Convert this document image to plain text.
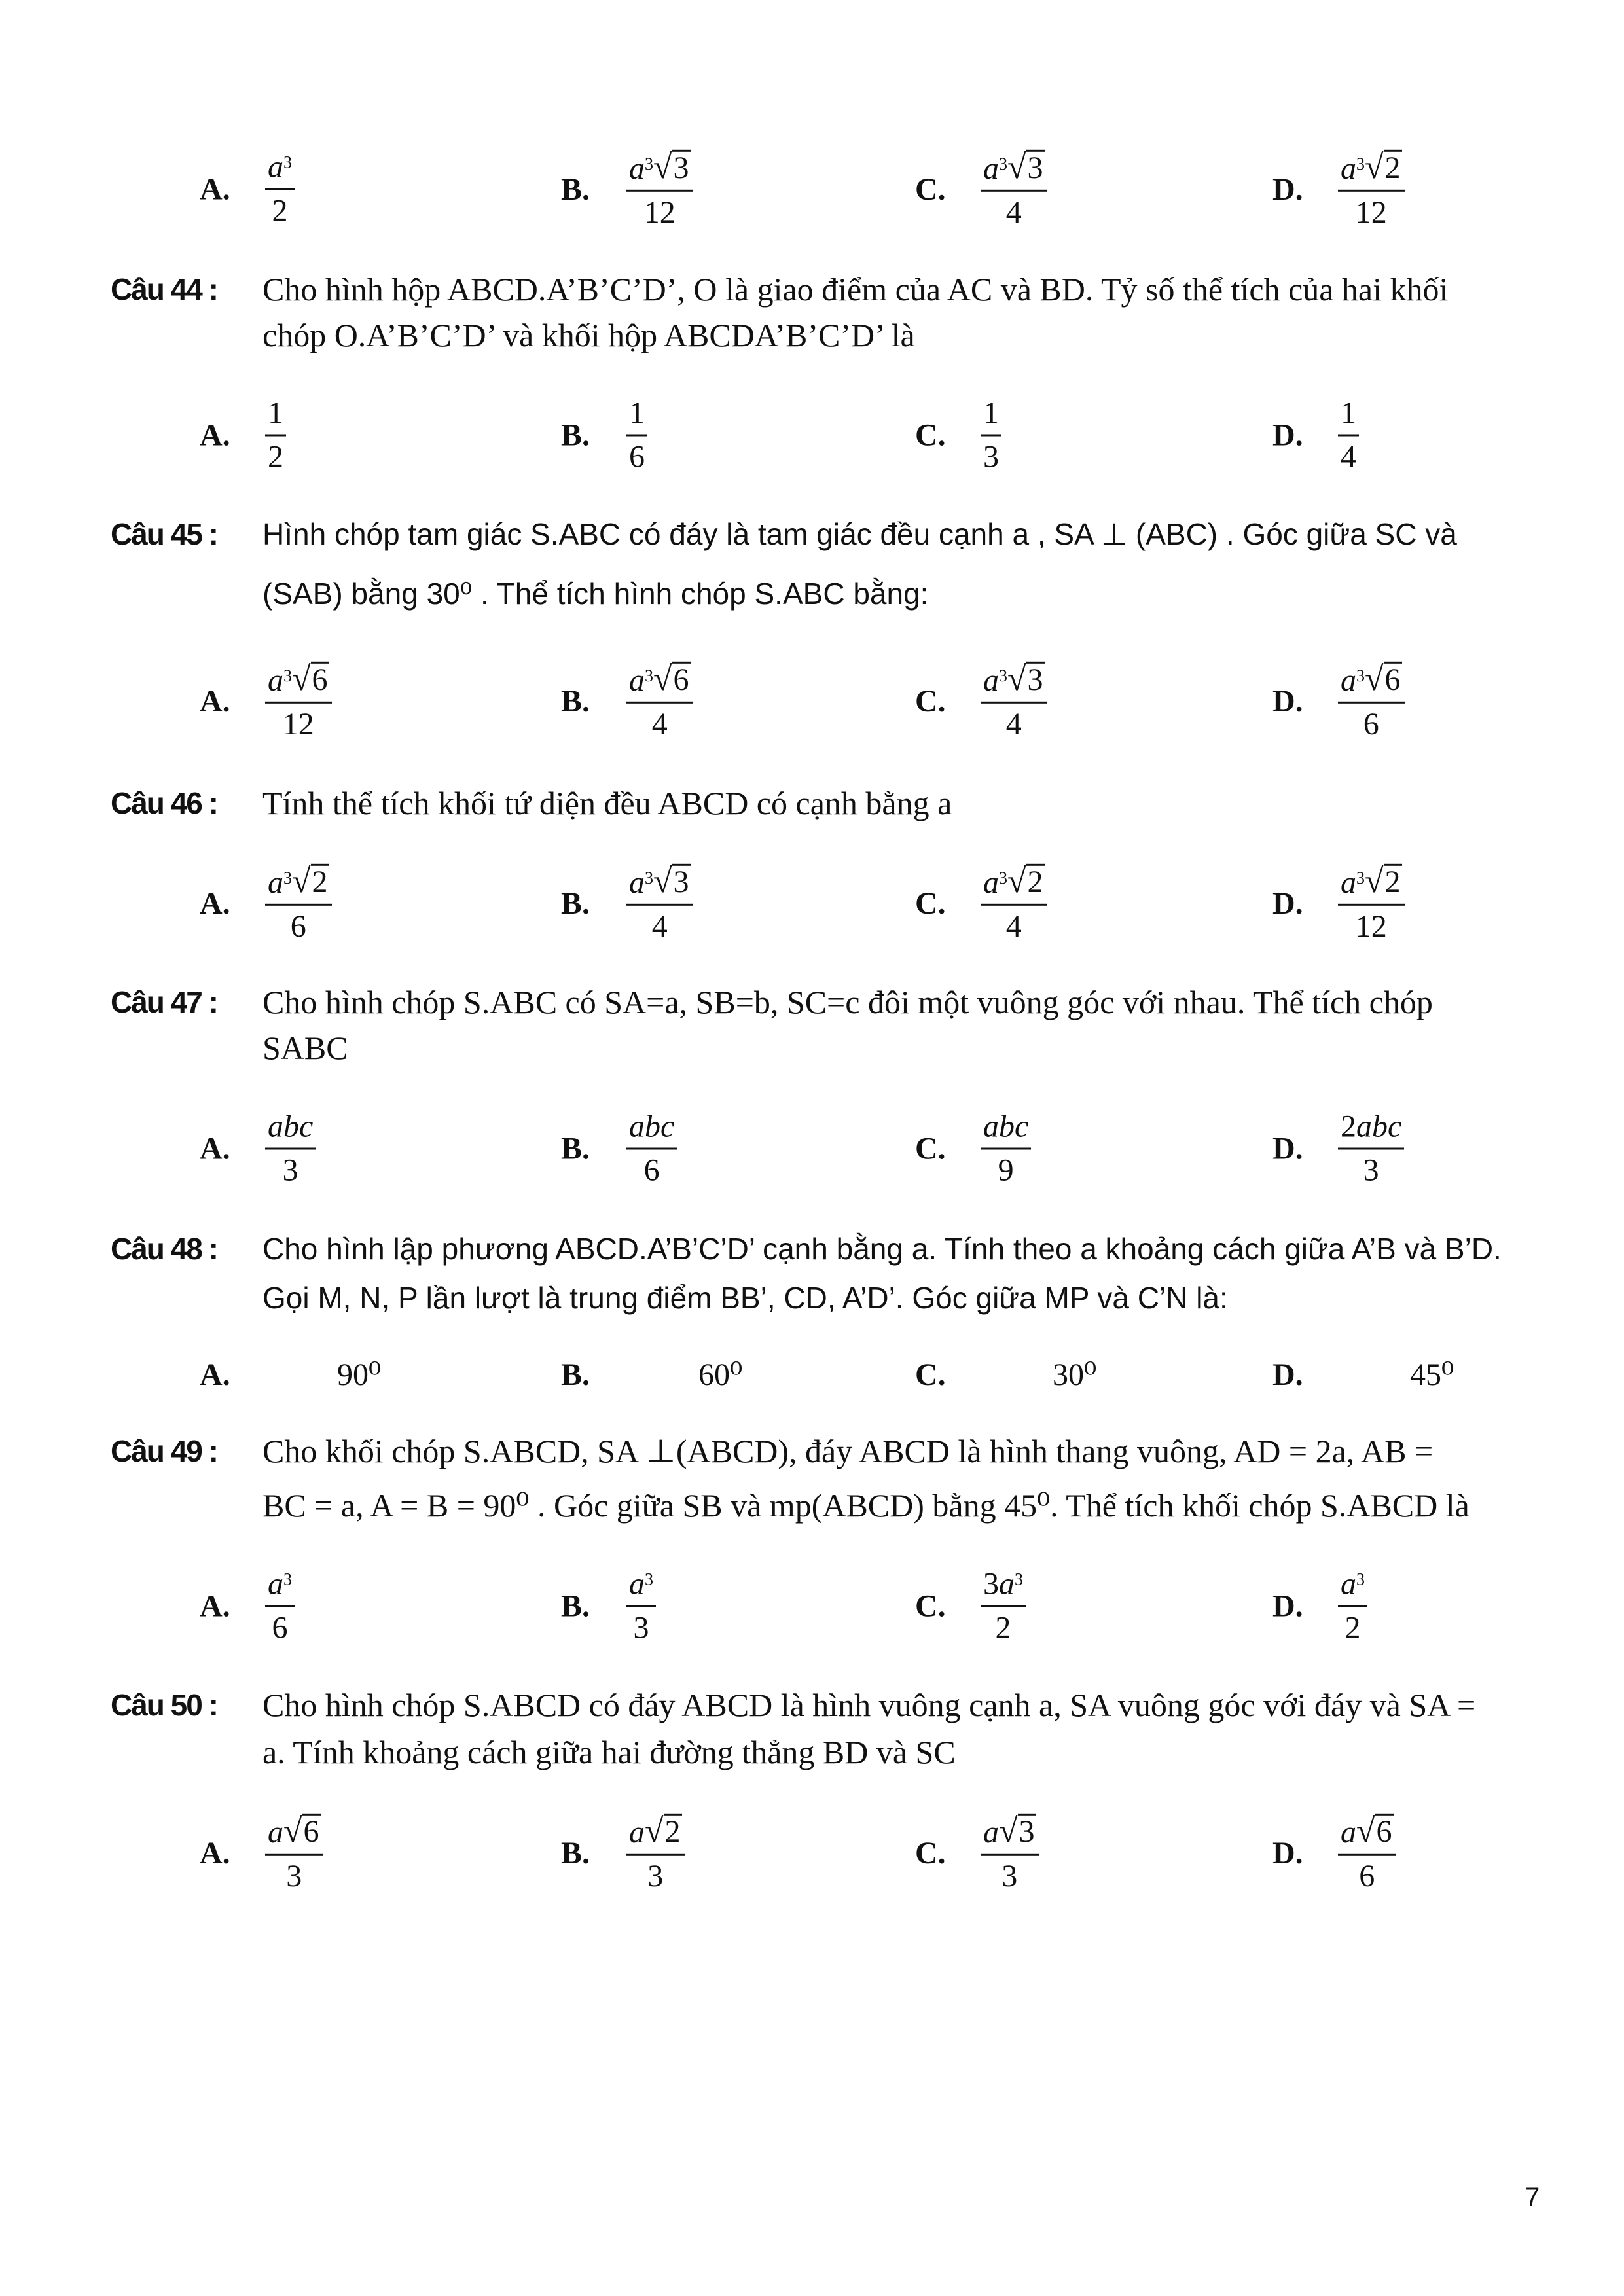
A.	$\frac{a^3}{2}$	B.	$\frac{a^3 √ 3}{12}$	C.	$\frac{a^3 √ 3}{4}$	D.	$\frac{a^3 √ 2}{12}$
Câu 44 : Cho hình hộp ABCD.A’B’C’D’, O là giao điểm của AC và BD. Tỷ số thể tích của hai khối
chóp O.A’B’C’D’ và khối hộp ABCDA’B’C’D’ là
A.	$\frac{1}{2}$	B.	$\frac{1}{6}$	C.	$\frac{1}{3}$	D.	$\frac{1}{4}$
Câu 45 : Hình chóp tam giác S.ABC có đáy là tam giác đều cạnh a , SA ⊥ (ABC) . Góc giữa SC và
(SAB) bằng 30⁰ . Thể tích hình chóp S.ABC bằng:
A.	$\frac{a^3 √ 6}{12}$	B.	$\frac{a^3 √ 6}{4}$	C.	$\frac{a^3 √ 3}{4}$	D.	$\frac{a^3 √ 6}{6}$
Câu 46 : Tính thể tích khối tứ diện đều ABCD có cạnh bằng a
A.	$\frac{a^3 √ 2}{6}$	B.	$\frac{a^3 √ 3}{4}$	C.	$\frac{a^3 √ 2}{4}$	D.	$\frac{a^3 √ 2}{12}$
Câu 47 : Cho hình chóp S.ABC có SA=a, SB=b, SC=c đôi một vuông góc với nhau. Thể tích chóp
SABC
A.	$\frac{\text{abc}}{3}$	B.	$\frac{\text{abc}}{6}$	C.	$\frac{\text{abc}}{9}$	D.	$\frac{\text{2abc}}{3}$
Câu 48 : Cho hình lập phương ABCD.A’B’C’D’ cạnh bằng a. Tính theo a khoảng cách giữa A’B và B’D.
Gọi M, N, P lần lượt là trung điểm BB’, CD, A’D’. Góc giữa MP và C’N là:
A.	90⁰	B.	60⁰	C.	30⁰	D.	45⁰
Câu 49 : Cho khối chóp S.ABCD, SA ⊥(ABCD), đáy ABCD là hình thang vuông, AD = 2a, AB =
BC = a, A = B = 90⁰ . Góc giữa SB và mp(ABCD) bằng 45⁰. Thể tích khối chóp S.ABCD là
A.	$\frac{a^3}{6}$	B.	$\frac{a^3}{3}$	C.	$\frac{3a^3}{2}$	D.	$\frac{a^3}{2}$
Câu 50 : Cho hình chóp S.ABCD có đáy ABCD là hình vuông cạnh a, SA vuông góc với đáy và SA =
a. Tính khoảng cách giữa hai đường thẳng BD và SC
A.	$\frac{a √ 6}{3}$	B.	$\frac{a √ 2}{3}$	C.	$\frac{a √ 3}{3}$	D.	$\frac{a √ 6}{6}$
7
